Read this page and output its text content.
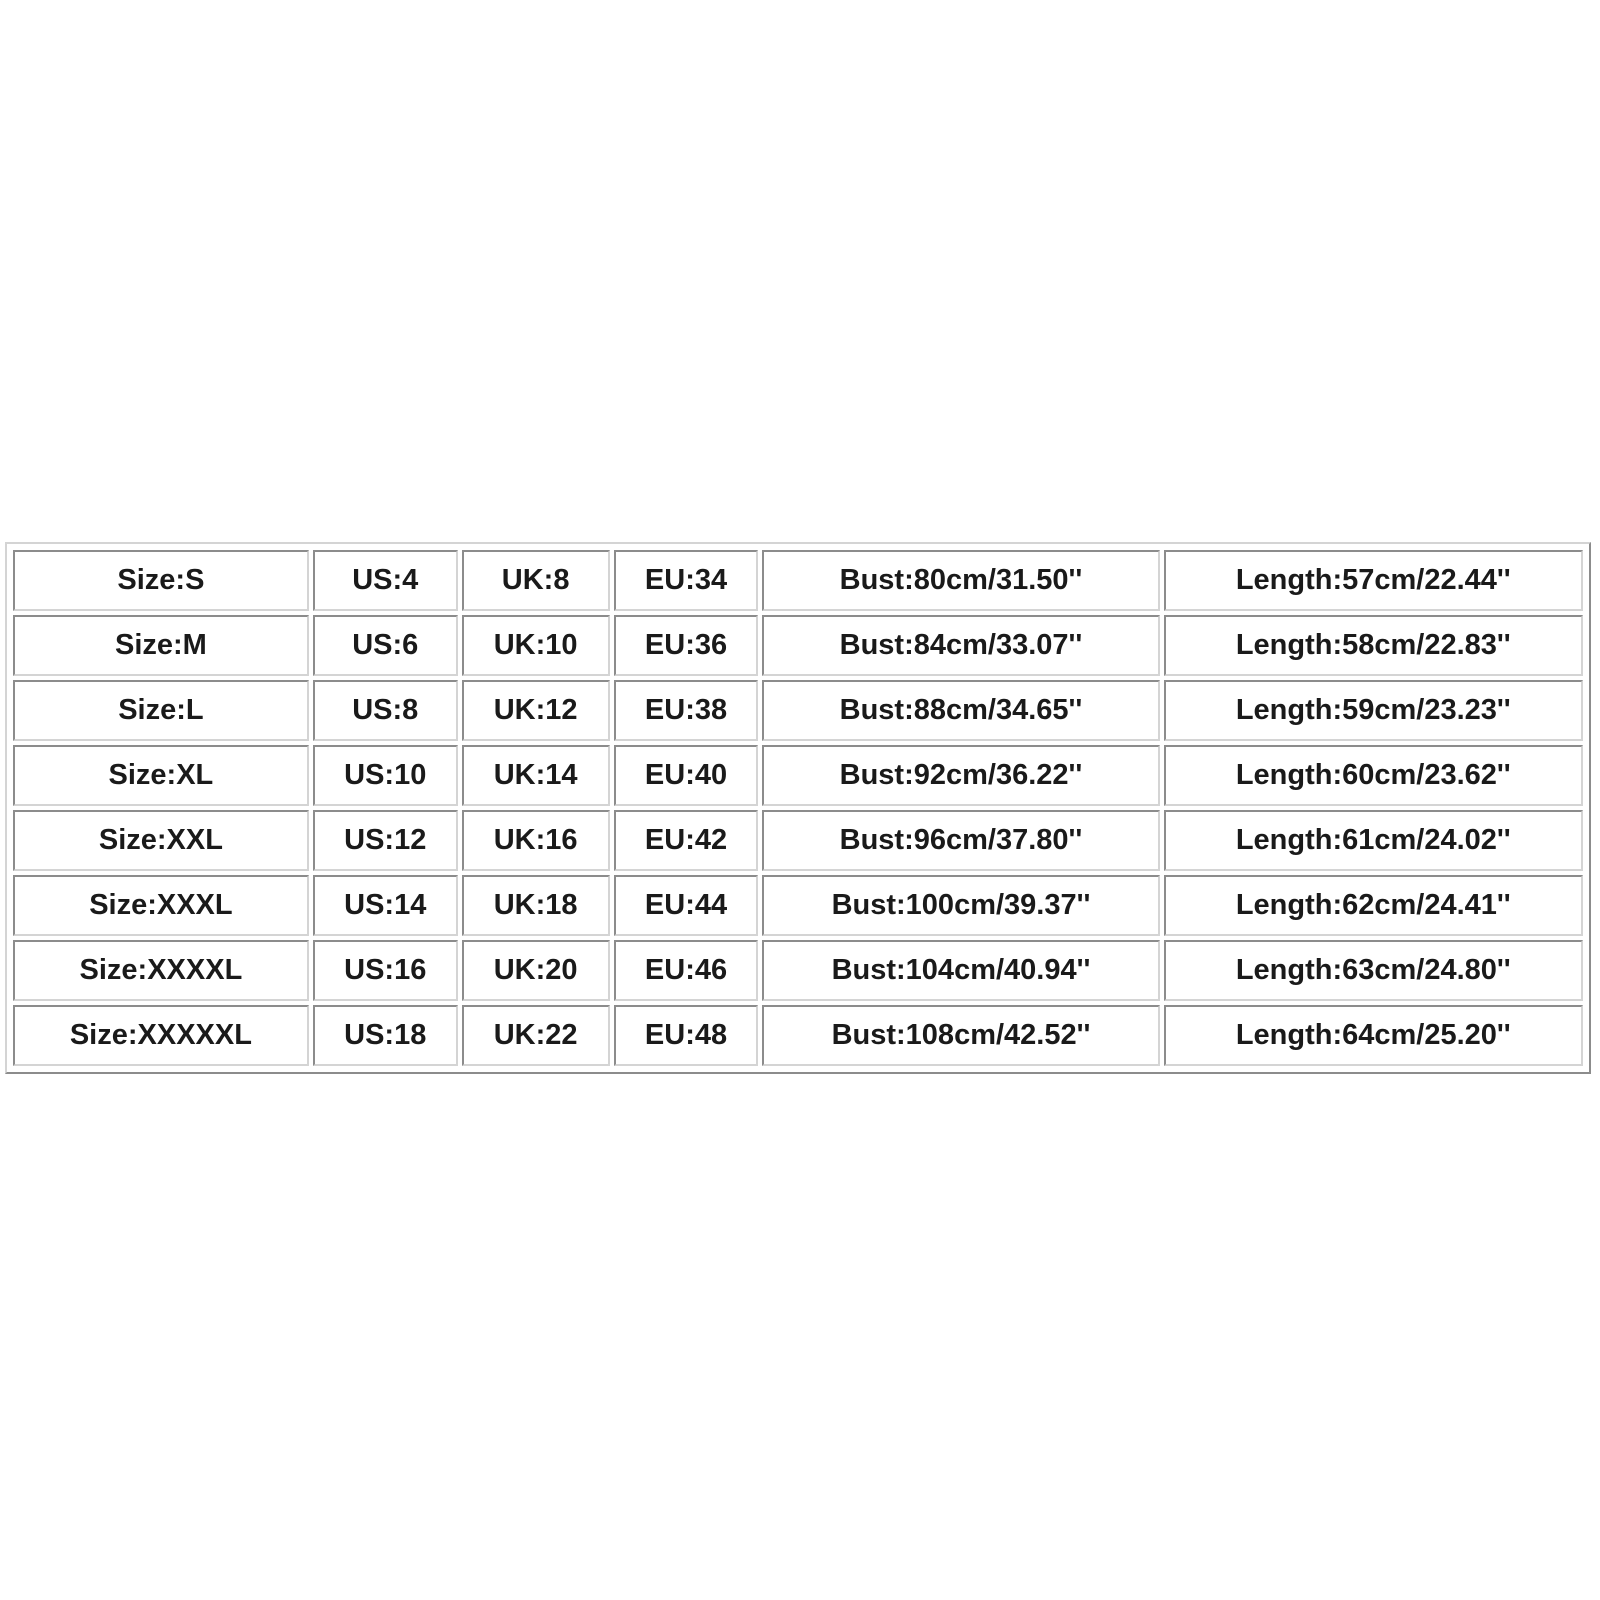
Size:S	US:4	UK:8	EU:34	Bust:80cm/31.50''	Length:57cm/22.44''
Size:M	US:6	UK:10	EU:36	Bust:84cm/33.07''	Length:58cm/22.83''
Size:L	US:8	UK:12	EU:38	Bust:88cm/34.65''	Length:59cm/23.23''
Size:XL	US:10	UK:14	EU:40	Bust:92cm/36.22''	Length:60cm/23.62''
Size:XXL	US:12	UK:16	EU:42	Bust:96cm/37.80''	Length:61cm/24.02''
Size:XXXL	US:14	UK:18	EU:44	Bust:100cm/39.37''	Length:62cm/24.41''
Size:XXXXL	US:16	UK:20	EU:46	Bust:104cm/40.94''	Length:63cm/24.80''
Size:XXXXXL	US:18	UK:22	EU:48	Bust:108cm/42.52''	Length:64cm/25.20''
